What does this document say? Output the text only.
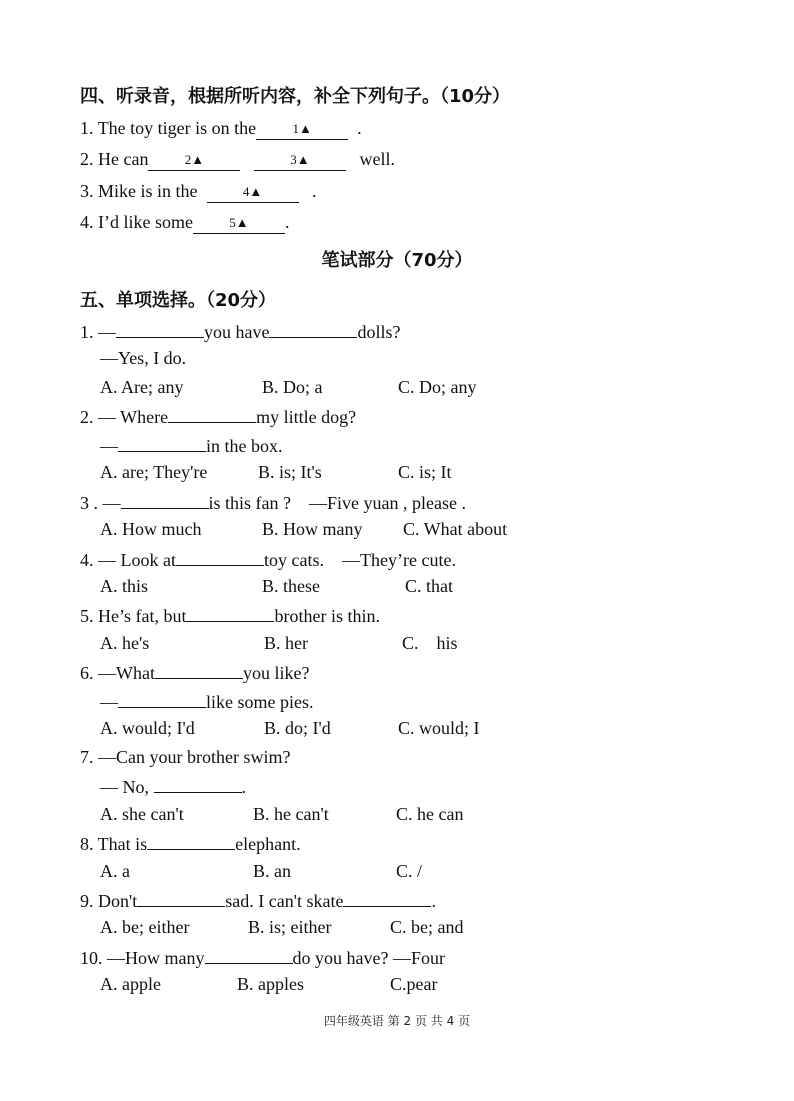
四、听录音，根据所听内容，补全下列句子。（10分）
1. The toy tiger is on the	1▲	.
2. He can	2▲	3▲	well.
3. Mike is in the	4▲	.
4. I’d like some	5▲ .
笔试部分（70分）
五、单项选择。（20分）
1. —	you have	dolls?
—Yes, I do.
A. Are; any	B. Do; a	C. Do; any
2. — Where	my little dog?
—	in the box.
A. are; They're	B. is; It's	C. is; It
3 . —	is this fan ? —Five yuan , please .
A. How much	B. How many C. What about
4. — Look at	toy cats. —They’re cute.
A. this	B. these	C. that
5. He’s fat, but	brother is thin.
A. he's	B. her	C. his
6. —What	you like?
—	like some pies.
A. would; I'd	B. do; I'd	C. would; I
7. —Can your brother swim?
— No,	.
A. she can't	B. he can't	C. he can
8. That is	elephant.
A. a	B. an	C. /
9. Don't	sad. I can't skate	.
A. be; either	B. is; either	C. be; and
10. —How many	do you have? —Four
A. apple	B. apples	C.pear
四年级英语 第 2 页 共 4 页
